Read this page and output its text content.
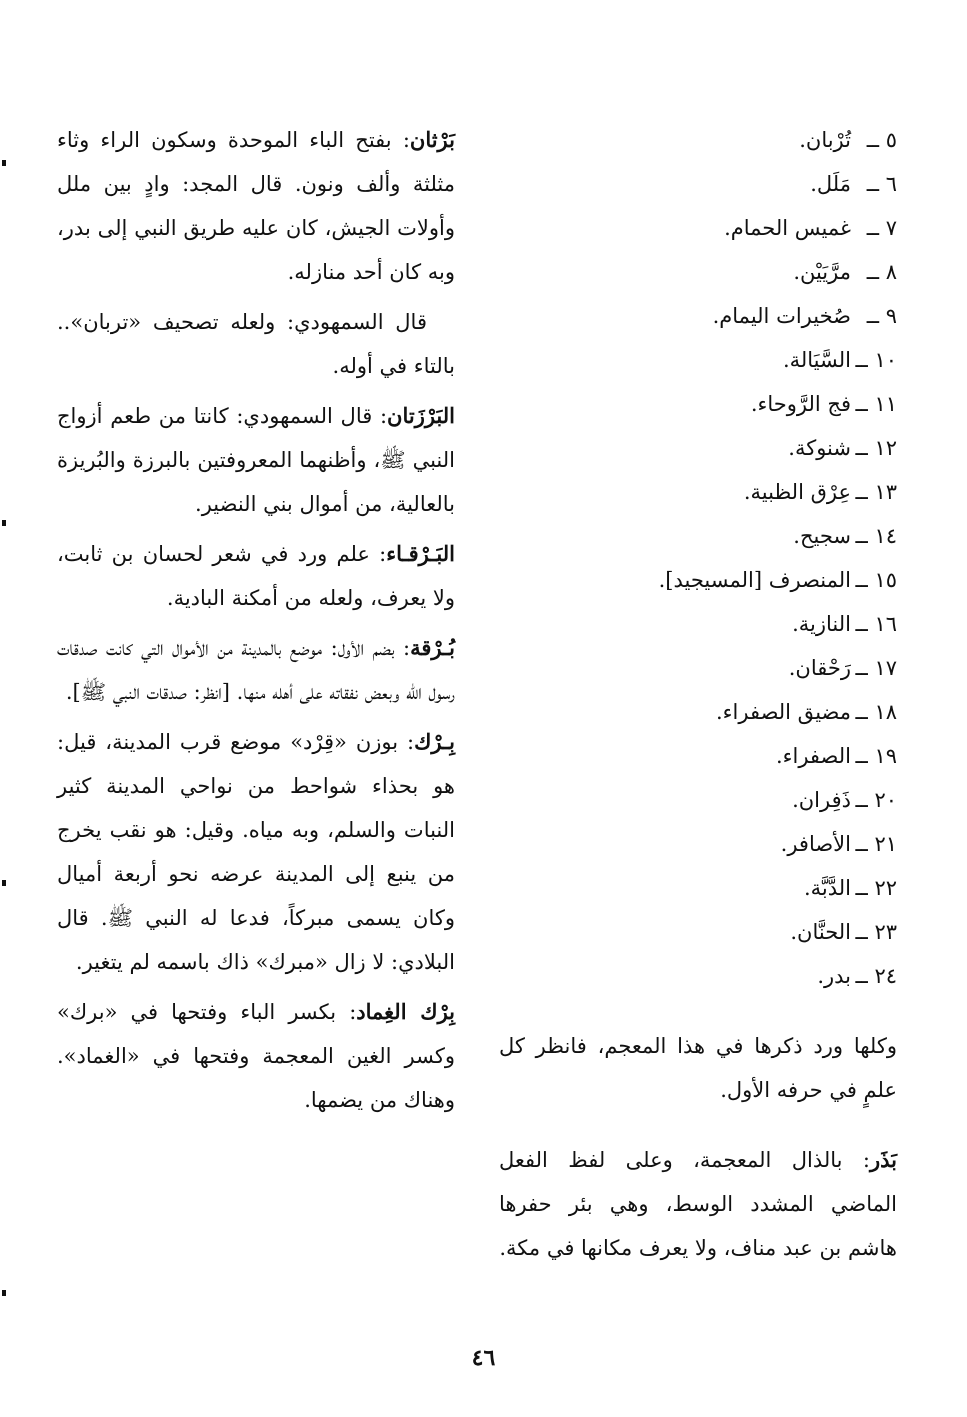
بَرْثان: بفتح الباء الموحدة وسكون الراء وثاء مثلثة وألف ونون. قال المجد: وادٍ بين ملل وأولات الجيش، كان عليه طريق النبي إلى بدر، وبه كان أحد منازله.

قال السمهودي: ولعله تصحيف «تربان».. بالتاء في أوله.

البَرْزَتان: قال السمهودي: كانتا من طعم أزواج النبي ﷺ، وأظنهما المعروفتين بالبرزة والبُريزة بالعالية، من أموال بني النضير.

البَـرْقـاء: علم ورد في شعر لحسان بن ثابت، ولا يعرف، ولعله من أمكنة البادية.

بُـرْقة: بضم الأول: موضع بالمدينة من الأموال التي كانت صدقات رسول الله وبعض نفقاته على أهله منها. [انظر: صدقات النبي ﷺ].

بِـرْك: بوزن «قِرْد» موضع قرب المدينة، قيل: هو بحذاء شواحط من نواحي المدينة كثير النبات والسلم، وبه مياه. وقيل: هو نقب يخرج من ينبع إلى المدينة عرضه نحو أربعة أميال وكان يسمى مبركاً، فدعا له النبي ﷺ. قال البلادي: لا زال «مبرك» ذاك باسمه لم يتغير.

بِرْك الغِماد: بكسر الباء وفتحها في «برك» وكسر الغين المعجمة وفتحها في «الغماد». وهناك من يضمها.

٥ ــتُرْبان.
٦ ــمَلَل.
٧ ــغميس الحمام.
٨ ــمرَّيَيْن.
٩ ــصُخيرات اليمام.
١٠ ــالسَّيَالة.
١١ ــفج الرَّوحاء.
١٢ ــشنوكة.
١٣ ــعِرْق الظبية.
١٤ ــسجيح.
١٥ ــالمنصرف [المسيجيد].
١٦ ــالنازية.
١٧ ــرَحْقان.
١٨ ــمضيق الصفراء.
١٩ ــالصفراء.
٢٠ ــذَفِران.
٢١ ــالأصافر.
٢٢ ــالدَّبَّة.
٢٣ ــالحنَّان.
٢٤ ــبدر.

وكلها ورد ذكرها في هذا المعجم، فانظر كل علمٍ في حرفه الأول.

بَذَر: بالذال المعجمة، وعلى لفظ الفعل الماضي المشدد الوسط، وهي بئر حفرها هاشم بن عبد مناف، ولا يعرف مكانها في مكة.

٤٦
